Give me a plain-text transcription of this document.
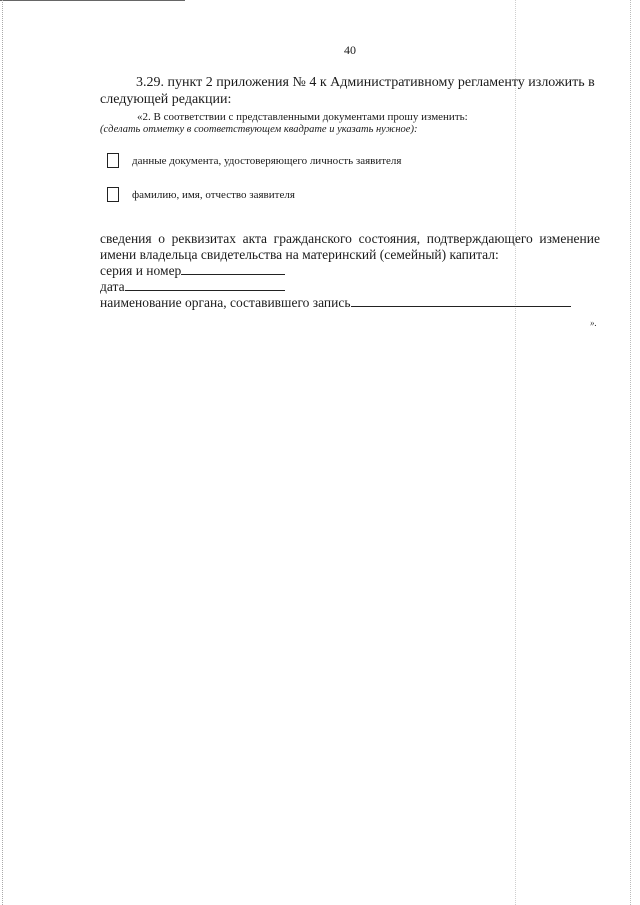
40
3.29. пункт 2 приложения № 4 к Административному регламенту изложить в следующей редакции:
«2. В соответствии с представленными документами прошу изменить:
(сделать отметку в соответствующем квадрате и указать нужное):
данные документа, удостоверяющего личность заявителя
фамилию, имя, отчество заявителя
сведения о реквизитах акта гражданского состояния, подтверждающего изменение имени владельца свидетельства на материнский (семейный) капитал:
серия и номер
дата
наименование органа, составившего запись
».
